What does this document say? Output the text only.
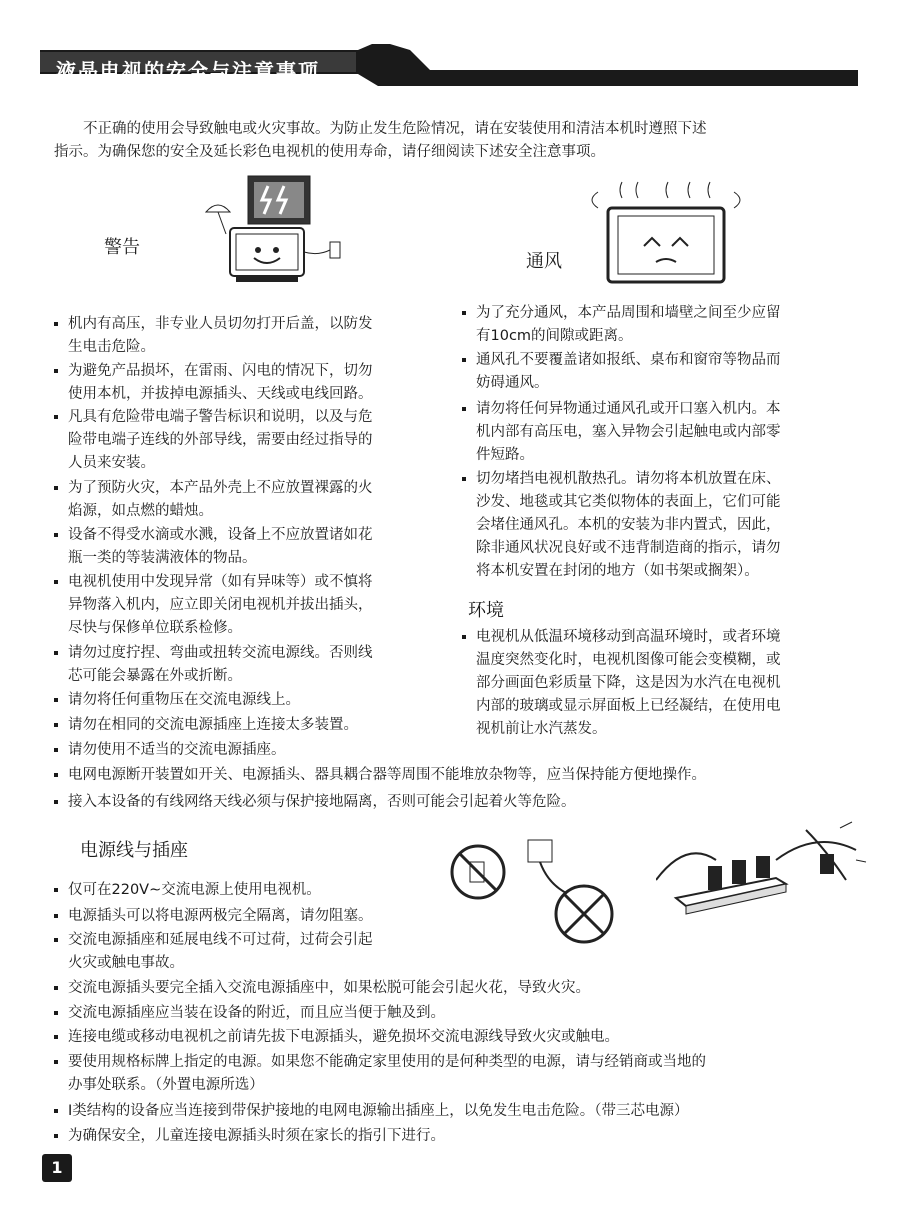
液晶电视的安全与注意事项
　　不正确的使用会导致触电或火灾事故。为防止发生危险情况，请在安装使用和清洁本机时遵照下述
指示。为确保您的安全及延长彩色电视机的使用寿命，请仔细阅读下述安全注意事项。
警告
通风
机内有高压，非专业人员切勿打开后盖，以防发
生电击危险。
为避免产品损坏，在雷雨、闪电的情况下，切勿
使用本机，并拔掉电源插头、天线或电线回路。
凡具有危险带电端子警告标识和说明，以及与危
险带电端子连线的外部导线，需要由经过指导的
人员来安装。
为了预防火灾，本产品外壳上不应放置裸露的火
焰源，如点燃的蜡烛。
设备不得受水滴或水溅，设备上不应放置诸如花
瓶一类的等装满液体的物品。
电视机使用中发现异常（如有异味等）或不慎将
异物落入机内，应立即关闭电视机并拔出插头，
尽快与保修单位联系检修。
请勿过度拧捏、弯曲或扭转交流电源线。否则线
芯可能会暴露在外或折断。
请勿将任何重物压在交流电源线上。
请勿在相同的交流电源插座上连接太多装置。
请勿使用不适当的交流电源插座。
电网电源断开装置如开关、电源插头、器具耦合器等周围不能堆放杂物等，应当保持能方便地操作。
接入本设备的有线网络天线必须与保护接地隔离，否则可能会引起着火等危险。
为了充分通风，本产品周围和墙壁之间至少应留
有10cm的间隙或距离。
通风孔不要覆盖诸如报纸、桌布和窗帘等物品而
妨碍通风。
请勿将任何异物通过通风孔或开口塞入机内。本
机内部有高压电，塞入异物会引起触电或内部零
件短路。
切勿堵挡电视机散热孔。请勿将本机放置在床、
沙发、地毯或其它类似物体的表面上，它们可能
会堵住通风孔。本机的安装为非内置式，因此，
除非通风状况良好或不违背制造商的指示，请勿
将本机安置在封闭的地方（如书架或搁架）。
环境
电视机从低温环境移动到高温环境时，或者环境
温度突然变化时，电视机图像可能会变模糊，或
部分画面色彩质量下降，这是因为水汽在电视机
内部的玻璃或显示屏面板上已经凝结，在使用电
视机前让水汽蒸发。
电源线与插座
仅可在220V∼交流电源上使用电视机。
电源插头可以将电源两极完全隔离，请勿阻塞。
交流电源插座和延展电线不可过荷，过荷会引起
火灾或触电事故。
交流电源插头要完全插入交流电源插座中，如果松脱可能会引起火花，导致火灾。
交流电源插座应当装在设备的附近，而且应当便于触及到。
连接电缆或移动电视机之前请先拔下电源插头，避免损坏交流电源线导致火灾或触电。
要使用规格标牌上指定的电源。如果您不能确定家里使用的是何种类型的电源，请与经销商或当地的
办事处联系。（外置电源所选）
Ⅰ类结构的设备应当连接到带保护接地的电网电源输出插座上，以免发生电击危险。（带三芯电源）
为确保安全，儿童连接电源插头时须在家长的指引下进行。
1
